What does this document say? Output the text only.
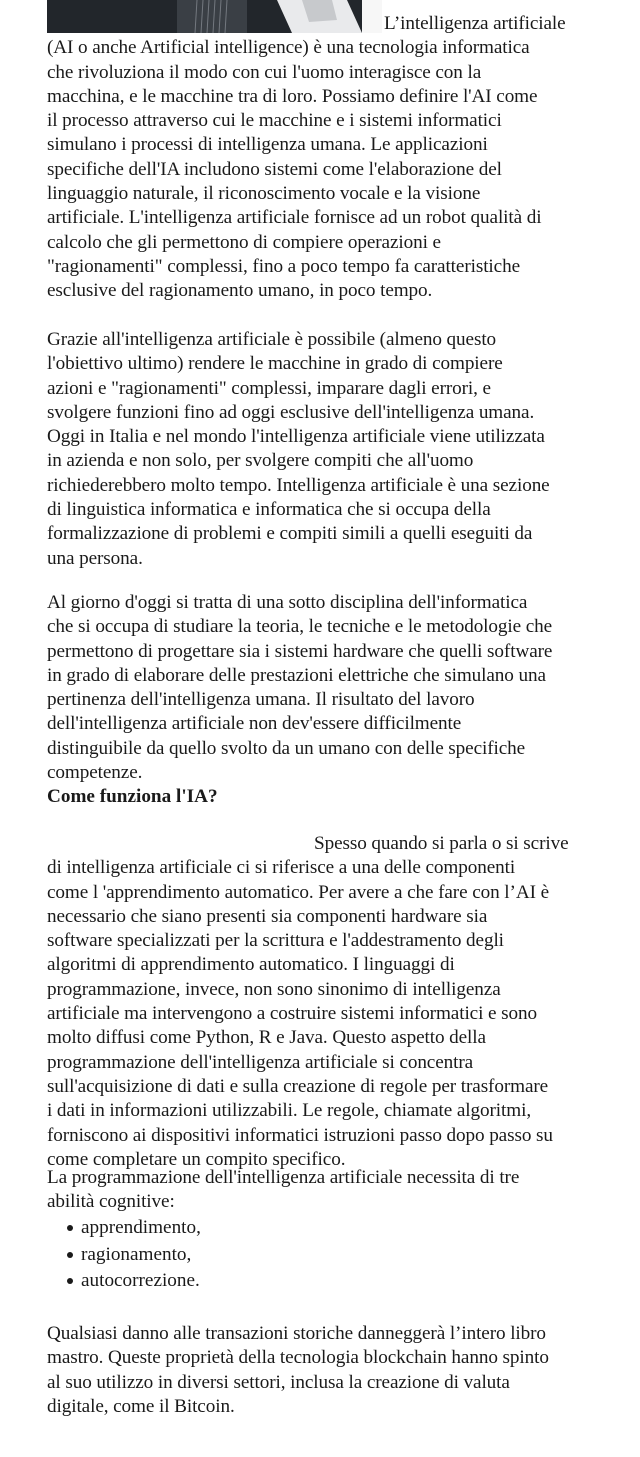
L’intelligenza artificiale
(AI o anche Artificial intelligence) è una tecnologia informatica
che rivoluziona il modo con cui l'uomo interagisce con la
macchina, e le macchine tra di loro. Possiamo definire l'AI come
il processo attraverso cui le macchine e i sistemi informatici
simulano i processi di intelligenza umana. Le applicazioni
specifiche dell'IA includono sistemi come l'elaborazione del
linguaggio naturale, il riconoscimento vocale e la visione
artificiale. L'intelligenza artificiale fornisce ad un robot qualità di
calcolo che gli permettono di compiere operazioni e
"ragionamenti" complessi, fino a poco tempo fa caratteristiche
esclusive del ragionamento umano, in poco tempo.

Grazie all'intelligenza artificiale è possibile (almeno questo
l'obiettivo ultimo) rendere le macchine in grado di compiere
azioni e "ragionamenti" complessi, imparare dagli errori, e
svolgere funzioni fino ad oggi esclusive dell'intelligenza umana.
Oggi in Italia e nel mondo l'intelligenza artificiale viene utilizzata
in azienda e non solo, per svolgere compiti che all'uomo
richiederebbero molto tempo. Intelligenza artificiale è una sezione
di linguistica informatica e informatica che si occupa della
formalizzazione di problemi e compiti simili a quelli eseguiti da
una persona.

Al giorno d'oggi si tratta di una sotto disciplina dell'informatica
che si occupa di studiare la teoria, le tecniche e le metodologie che
permettono di progettare sia i sistemi hardware che quelli software
in grado di elaborare delle prestazioni elettriche che simulano una
pertinenza dell'intelligenza umana. Il risultato del lavoro
dell'intelligenza artificiale non dev'essere difficilmente
distinguibile da quello svolto da un umano con delle specifiche
competenze.

Come funziona l'IA?

Spesso quando si parla o si scrive
di intelligenza artificiale ci si riferisce a una delle componenti
come l 'apprendimento automatico. Per avere a che fare con l’AI è
necessario che siano presenti sia componenti hardware sia
software specializzati per la scrittura e l'addestramento degli
algoritmi di apprendimento automatico. I linguaggi di
programmazione, invece, non sono sinonimo di intelligenza
artificiale ma intervengono a costruire sistemi informatici e sono
molto diffusi come Python, R e Java. Questo aspetto della
programmazione dell'intelligenza artificiale si concentra
sull'acquisizione di dati e sulla creazione di regole per trasformare
i dati in informazioni utilizzabili. Le regole, chiamate algoritmi,
forniscono ai dispositivi informatici istruzioni passo dopo passo su
come completare un compito specifico.

La programmazione dell'intelligenza artificiale necessita di tre
abilità cognitive:

apprendimento,
ragionamento,
autocorrezione.

Qualsiasi danno alle transazioni storiche danneggerà l’intero libro
mastro. Queste proprietà della tecnologia blockchain hanno spinto
al suo utilizzo in diversi settori, inclusa la creazione di valuta
digitale, come il Bitcoin.
